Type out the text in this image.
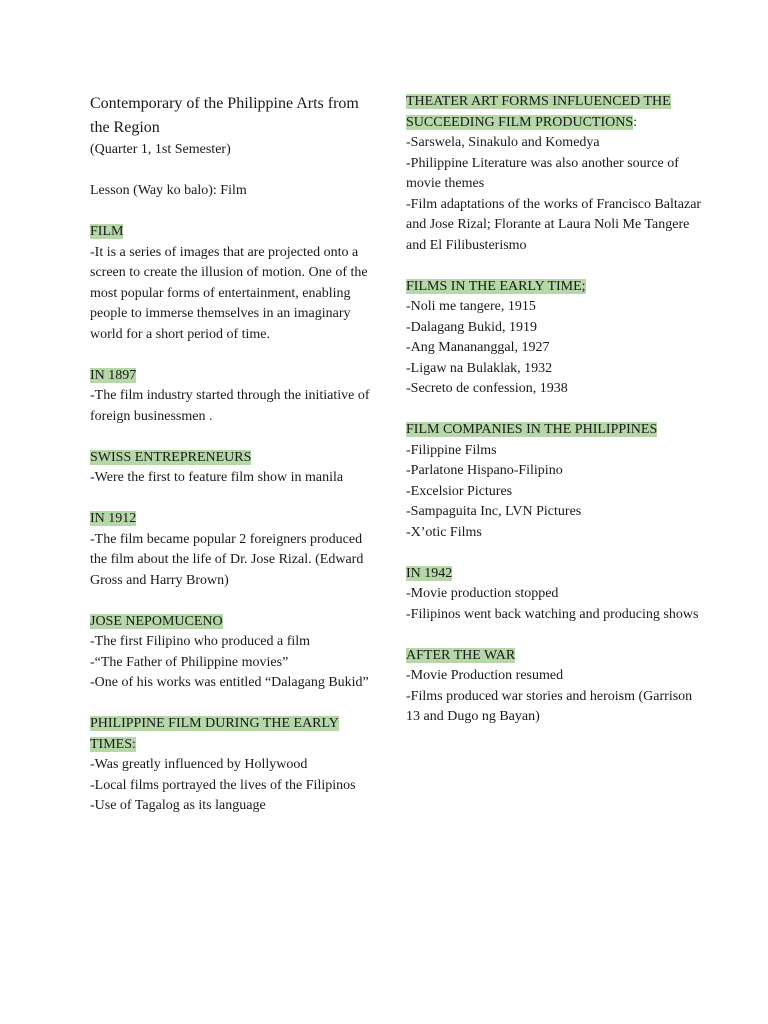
Contemporary of the Philippine Arts from the Region

(Quarter 1, 1st Semester)

Lesson (Way ko balo): Film

FILM

-It is a series of images that are projected onto a screen to create the illusion of motion. One of the most popular forms of entertainment, enabling people to immerse themselves in an imaginary world for a short period of time.

IN 1897

-The film industry started through the initiative of foreign businessmen .

SWISS ENTREPRENEURS

-Were the first to feature film show in manila

IN 1912

-The film became popular 2 foreigners produced the film about the life of Dr. Jose Rizal. (Edward Gross and Harry Brown)

JOSE NEPOMUCENO

-The first Filipino who produced a film

-“The Father of Philippine movies”

-One of his works was entitled “Dalagang Bukid”

PHILIPPINE FILM DURING THE EARLY TIMES:

-Was greatly influenced by Hollywood

-Local films portrayed the lives of the Filipinos

-Use of Tagalog as its language

THEATER ART FORMS INFLUENCED THE SUCCEEDING FILM PRODUCTIONS:

-Sarswela, Sinakulo and Komedya

-Philippine Literature was also another source of movie themes

-Film adaptations of the works of Francisco Baltazar and Jose Rizal; Florante at Laura Noli Me Tangere and El Filibusterismo

FILMS IN THE EARLY TIME;

-Noli me tangere, 1915

-Dalagang Bukid, 1919

-Ang Manananggal, 1927

-Ligaw na Bulaklak, 1932

-Secreto de confession, 1938

FILM COMPANIES IN THE PHILIPPINES

-Filippine Films

-Parlatone Hispano-Filipino

-Excelsior Pictures

-Sampaguita Inc, LVN Pictures

-X’otic Films

IN 1942

-Movie production stopped

-Filipinos went back watching and producing shows

AFTER THE WAR

-Movie Production resumed

-Films produced war stories and heroism (Garrison 13 and Dugo ng Bayan)
